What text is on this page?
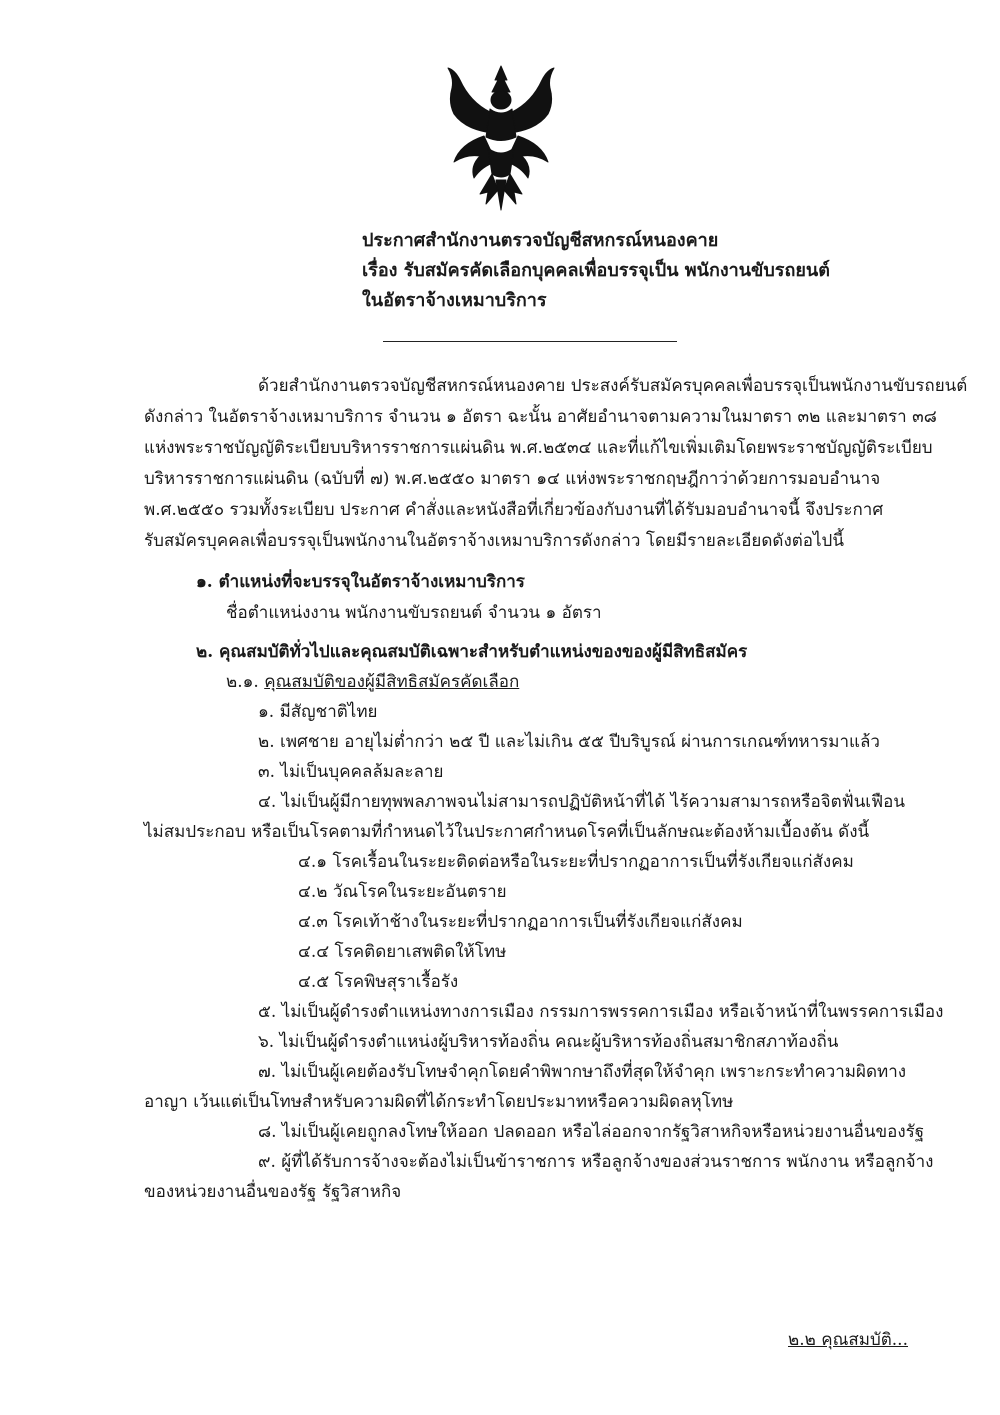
ประกาศสำนักงานตรวจบัญชีสหกรณ์หนองคาย
เรื่อง รับสมัครคัดเลือกบุคคลเพื่อบรรจุเป็น พนักงานขับรถยนต์
ในอัตราจ้างเหมาบริการ
ด้วยสำนักงานตรวจบัญชีสหกรณ์หนองคาย ประสงค์รับสมัครบุคคลเพื่อบรรจุเป็นพนักงานขับรถยนต์
ดังกล่าว ในอัตราจ้างเหมาบริการ จำนวน ๑ อัตรา ฉะนั้น อาศัยอำนาจตามความในมาตรา ๓๒ และมาตรา ๓๘
แห่งพระราชบัญญัติระเบียบบริหารราชการแผ่นดิน พ.ศ.๒๕๓๔ และที่แก้ไขเพิ่มเติมโดยพระราชบัญญัติระเบียบ
บริหารราชการแผ่นดิน (ฉบับที่ ๗) พ.ศ.๒๕๕๐ มาตรา ๑๔ แห่งพระราชกฤษฎีกาว่าด้วยการมอบอำนาจ
พ.ศ.๒๕๕๐ รวมทั้งระเบียบ ประกาศ คำสั่งและหนังสือที่เกี่ยวข้องกับงานที่ได้รับมอบอำนาจนี้ จึงประกาศ
รับสมัครบุคคลเพื่อบรรจุเป็นพนักงานในอัตราจ้างเหมาบริการดังกล่าว โดยมีรายละเอียดดังต่อไปนี้
๑. ตำแหน่งที่จะบรรจุในอัตราจ้างเหมาบริการ
ชื่อตำแหน่งงาน พนักงานขับรถยนต์ จำนวน ๑ อัตรา
๒. คุณสมบัติทั่วไปและคุณสมบัติเฉพาะสำหรับตำแหน่งของของผู้มีสิทธิสมัคร
๒.๑. คุณสมบัติของผู้มีสิทธิสมัครคัดเลือก
๑. มีสัญชาติไทย
๒. เพศชาย อายุไม่ต่ำกว่า ๒๕ ปี และไม่เกิน ๕๕ ปีบริบูรณ์ ผ่านการเกณฑ์ทหารมาแล้ว
๓. ไม่เป็นบุคคลล้มละลาย
๔. ไม่เป็นผู้มีกายทุพพลภาพจนไม่สามารถปฏิบัติหน้าที่ได้ ไร้ความสามารถหรือจิตฟั่นเฟือน
ไม่สมประกอบ หรือเป็นโรคตามที่กำหนดไว้ในประกาศกำหนดโรคที่เป็นลักษณะต้องห้ามเบื้องต้น ดังนี้
๔.๑ โรคเรื้อนในระยะติดต่อหรือในระยะที่ปรากฏอาการเป็นที่รังเกียจแก่สังคม
๔.๒ วัณโรคในระยะอันตราย
๔.๓ โรคเท้าช้างในระยะที่ปรากฏอาการเป็นที่รังเกียจแก่สังคม
๔.๔ โรคติดยาเสพติดให้โทษ
๔.๕ โรคพิษสุราเรื้อรัง
๕. ไม่เป็นผู้ดำรงตำแหน่งทางการเมือง กรรมการพรรคการเมือง หรือเจ้าหน้าที่ในพรรคการเมือง
๖. ไม่เป็นผู้ดำรงตำแหน่งผู้บริหารท้องถิ่น คณะผู้บริหารท้องถิ่นสมาชิกสภาท้องถิ่น
๗. ไม่เป็นผู้เคยต้องรับโทษจำคุกโดยคำพิพากษาถึงที่สุดให้จำคุก เพราะกระทำความผิดทาง
อาญา เว้นแต่เป็นโทษสำหรับความผิดที่ได้กระทำโดยประมาทหรือความผิดลหุโทษ
๘. ไม่เป็นผู้เคยถูกลงโทษให้ออก ปลดออก หรือไล่ออกจากรัฐวิสาหกิจหรือหน่วยงานอื่นของรัฐ
๙. ผู้ที่ได้รับการจ้างจะต้องไม่เป็นข้าราชการ หรือลูกจ้างของส่วนราชการ พนักงาน หรือลูกจ้าง
ของหน่วยงานอื่นของรัฐ รัฐวิสาหกิจ
๒.๒ คุณสมบัติ...
